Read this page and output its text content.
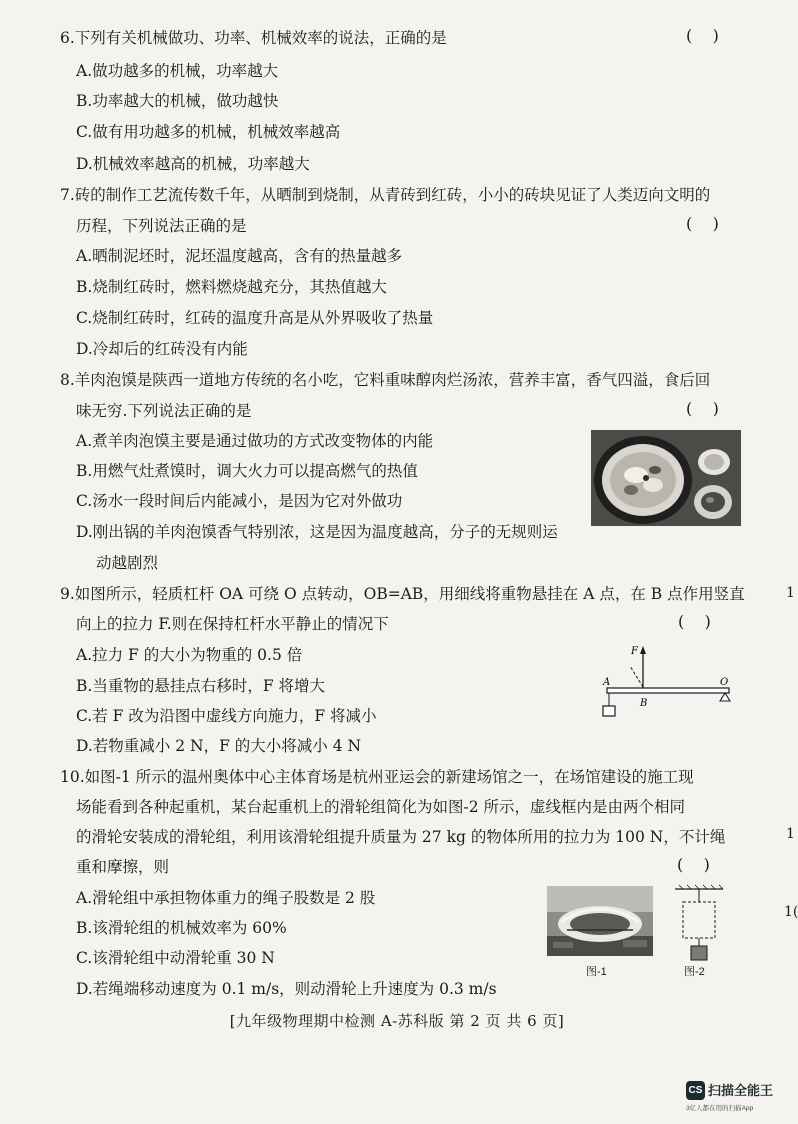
6.下列有关机械做功、功率、机械效率的说法，正确的是	(    )
A.做功越多的机械，功率越大
B.功率越大的机械，做功越快
C.做有用功越多的机械，机械效率越高
D.机械效率越高的机械，功率越大
7.砖的制作工艺流传数千年，从晒制到烧制，从青砖到红砖，小小的砖块见证了人类迈向文明的
历程，下列说法正确的是	(    )
A.晒制泥坯时，泥坯温度越高，含有的热量越多
B.烧制红砖时，燃料燃烧越充分，其热值越大
C.烧制红砖时，红砖的温度升高是从外界吸收了热量
D.冷却后的红砖没有内能
8.羊肉泡馍是陕西一道地方传统的名小吃，它料重味醇肉烂汤浓，营养丰富，香气四溢，食后回
味无穷.下列说法正确的是	(    )
A.煮羊肉泡馍主要是通过做功的方式改变物体的内能
B.用燃气灶煮馍时，调大火力可以提高燃气的热值
C.汤水一段时间后内能减小，是因为它对外做功
D.刚出锅的羊肉泡馍香气特别浓，这是因为温度越高，分子的无规则运
动越剧烈
9.如图所示，轻质杠杆 OA 可绕 O 点转动，OB=AB，用细线将重物悬挂在 A 点，在 B 点作用竖直
向上的拉力 F.则在保持杠杆水平静止的情况下	(    )
A.拉力 F 的大小为物重的 0.5 倍
B.当重物的悬挂点右移时，F 将增大
C.若 F 改为沿图中虚线方向施力，F 将减小
D.若物重减小 2 N，F 的大小将减小 4 N
F
A
B
O
10.如图-1 所示的温州奥体中心主体育场是杭州亚运会的新建场馆之一，在场馆建设的施工现
场能看到各种起重机，某台起重机上的滑轮组简化为如图-2 所示，虚线框内是由两个相同
的滑轮安装成的滑轮组，利用该滑轮组提升质量为 27 kg 的物体所用的拉力为 100 N，不计绳
重和摩擦，则	(    )
A.滑轮组中承担物体重力的绳子股数是 2 股
B.该滑轮组的机械效率为 60%
C.该滑轮组中动滑轮重 30 N
D.若绳端移动速度为 0.1 m/s，则动滑轮上升速度为 0.3 m/s
图-1	图-2
[九年级物理期中检测 A-苏科版 第 2 页 共 6 页]
1
1
1(
CS 扫描全能王
3亿人都在用的扫描App
